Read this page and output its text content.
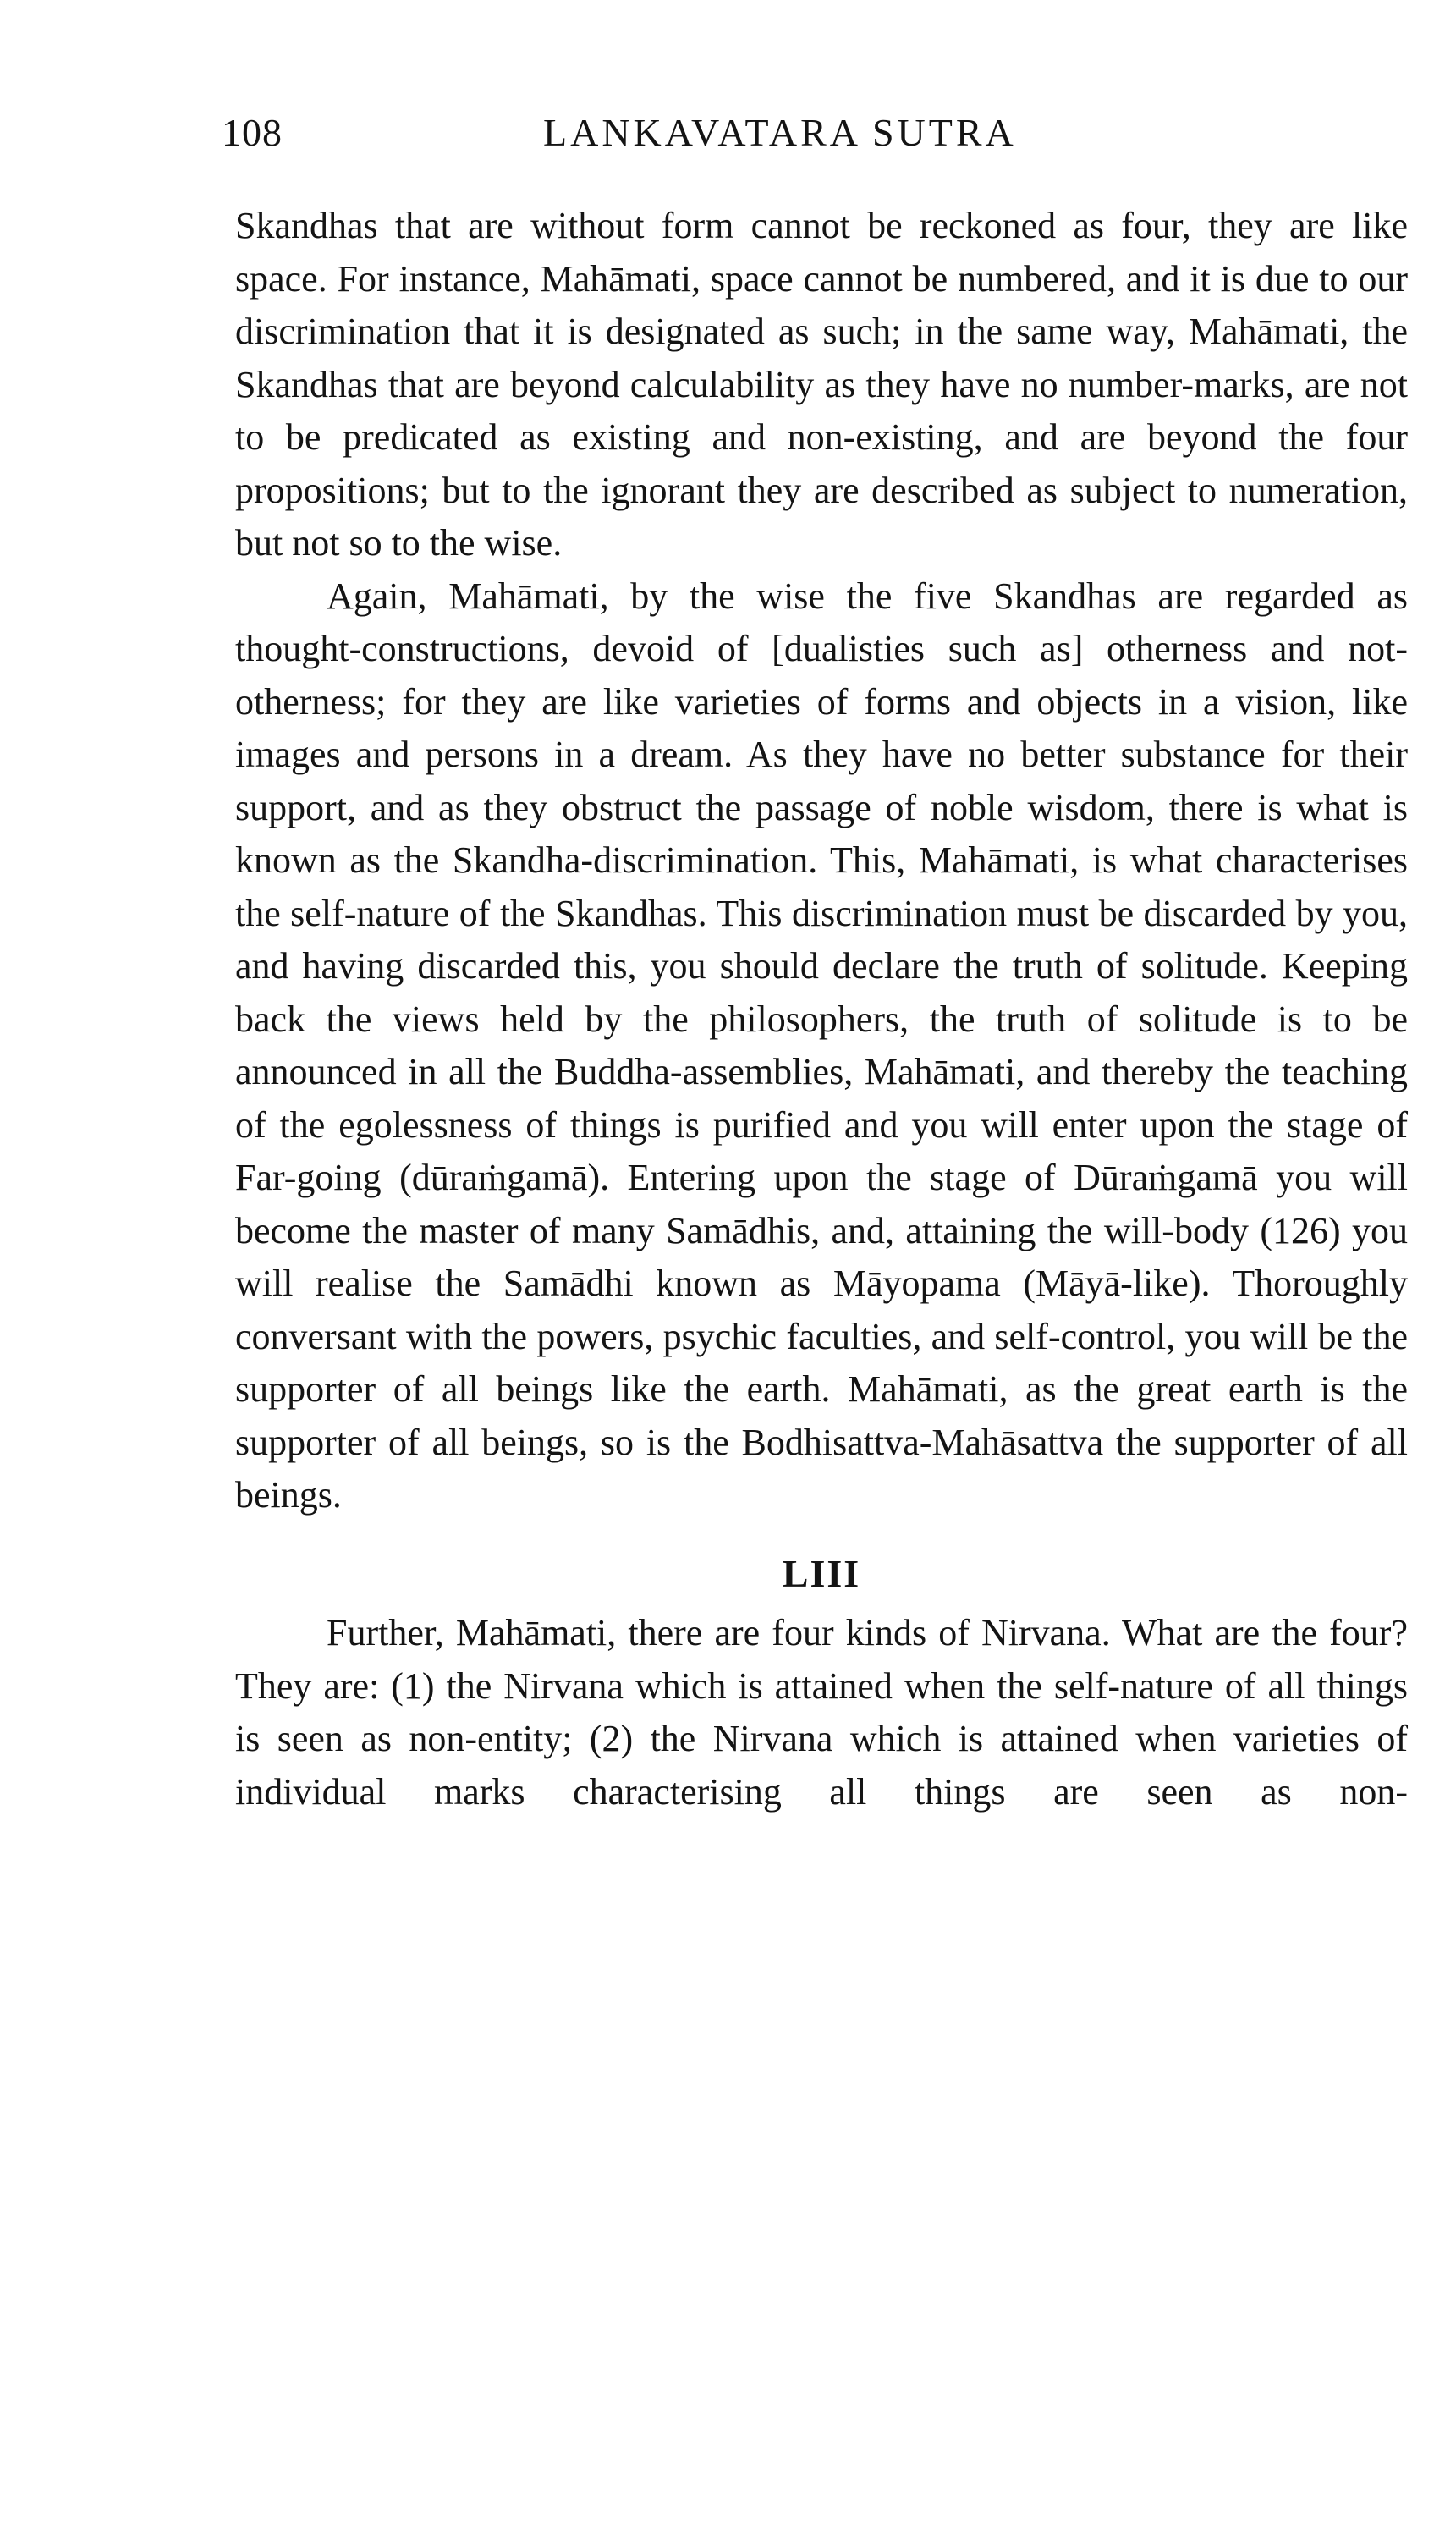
108	LANKAVATARA SUTRA

Skandhas that are without form cannot be reckoned as four, they are like space. For instance, Mahāmati, space cannot be numbered, and it is due to our discrimination that it is designated as such; in the same way, Mahāmati, the Skandhas that are beyond calculability as they have no number-marks, are not to be predicated as existing and non-existing, and are beyond the four propositions; but to the ignorant they are described as subject to numeration, but not so to the wise.

Again, Mahāmati, by the wise the five Skandhas are regarded as thought-constructions, devoid of [dualisties such as] otherness and not-otherness; for they are like varieties of forms and objects in a vision, like images and persons in a dream. As they have no better substance for their support, and as they obstruct the passage of noble wisdom, there is what is known as the Skandha-discrimination. This, Mahāmati, is what characterises the self-nature of the Skandhas. This discrimination must be discarded by you, and having discarded this, you should declare the truth of solitude. Keeping back the views held by the philosophers, the truth of solitude is to be announced in all the Buddha-assemblies, Mahāmati, and thereby the teaching of the egolessness of things is purified and you will enter upon the stage of Far-going (dūraṁgamā). Entering upon the stage of Dūraṁgamā you will become the master of many Samādhis, and, attaining the will-body (126) you will realise the Samādhi known as Māyopama (Māyā-like). Thoroughly conversant with the powers, psychic faculties, and self-control, you will be the supporter of all beings like the earth. Mahāmati, as the great earth is the supporter of all beings, so is the Bodhisattva-Mahāsattva the supporter of all beings.

LIII

Further, Mahāmati, there are four kinds of Nirvana. What are the four? They are: (1) the Nirvana which is attained when the self-nature of all things is seen as non-entity; (2) the Nirvana which is attained when varieties of individual marks characterising all things are seen as non-
